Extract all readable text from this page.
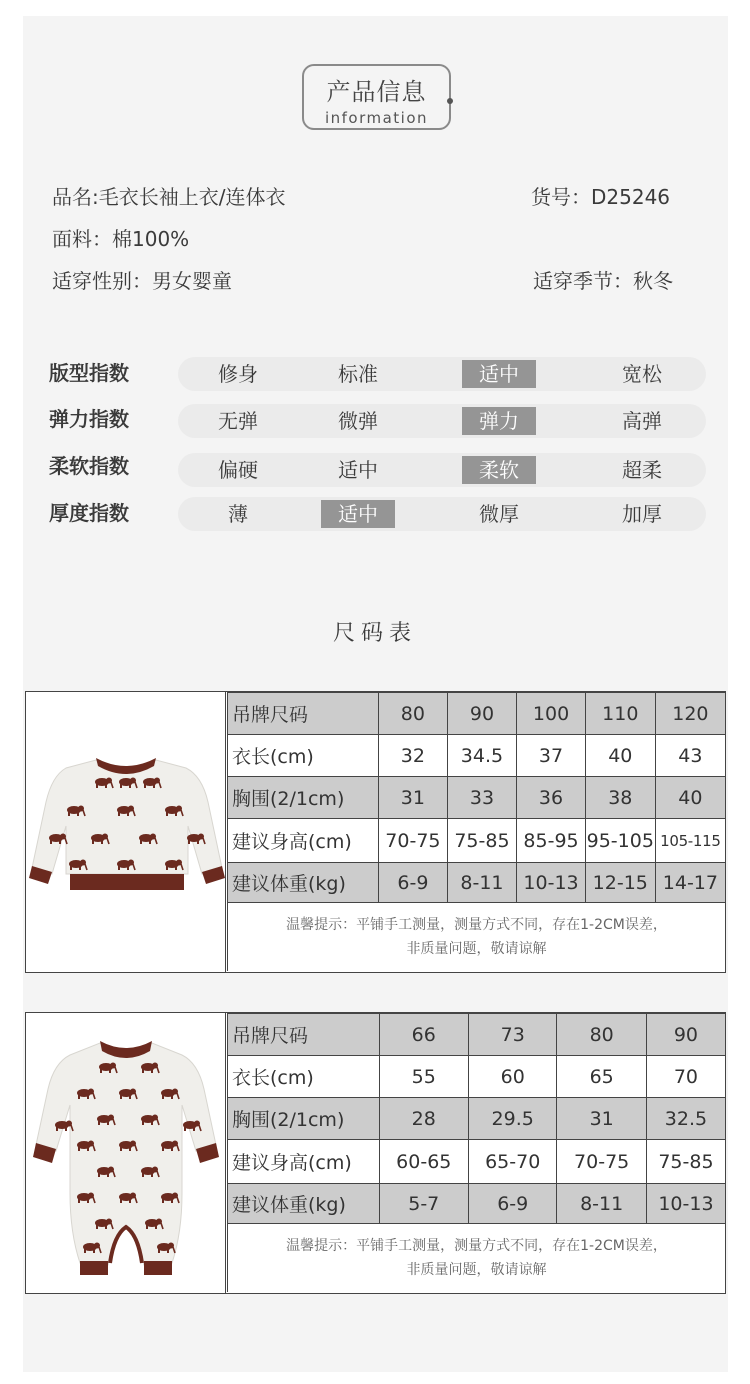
产品信息
information
品名:毛衣长袖上衣/连体衣	货号：D25246
面料：棉100%
适穿性别：男女婴童	适穿季节：秋冬
版型指数	修身	标准	适中	宽松
弹力指数	无弹	微弹	弹力	高弹
柔软指数	偏硬	适中	柔软	超柔
厚度指数	薄	适中	微厚	加厚
尺码表
吊牌尺码	80	90	100	110	120
衣长(cm)	32	34.5	37	40	43
胸围(2/1cm)	31	33	36	38	40
建议身高(cm)	70-75	75-85	85-95	95-105	105-115
建议体重(kg)	6-9	8-11	10-13	12-15	14-17

温馨提示：平铺手工测量，测量方式不同，存在1-2CM误差，
非质量问题，敬请谅解					
吊牌尺码	66	73	80	90
衣长(cm)	55	60	65	70
胸围(2/1cm)	28	29.5	31	32.5
建议身高(cm)	60-65	65-70	70-75	75-85
建议体重(kg)	5-7	6-9	8-11	10-13

温馨提示：平铺手工测量，测量方式不同，存在1-2CM误差，
非质量问题，敬请谅解				
